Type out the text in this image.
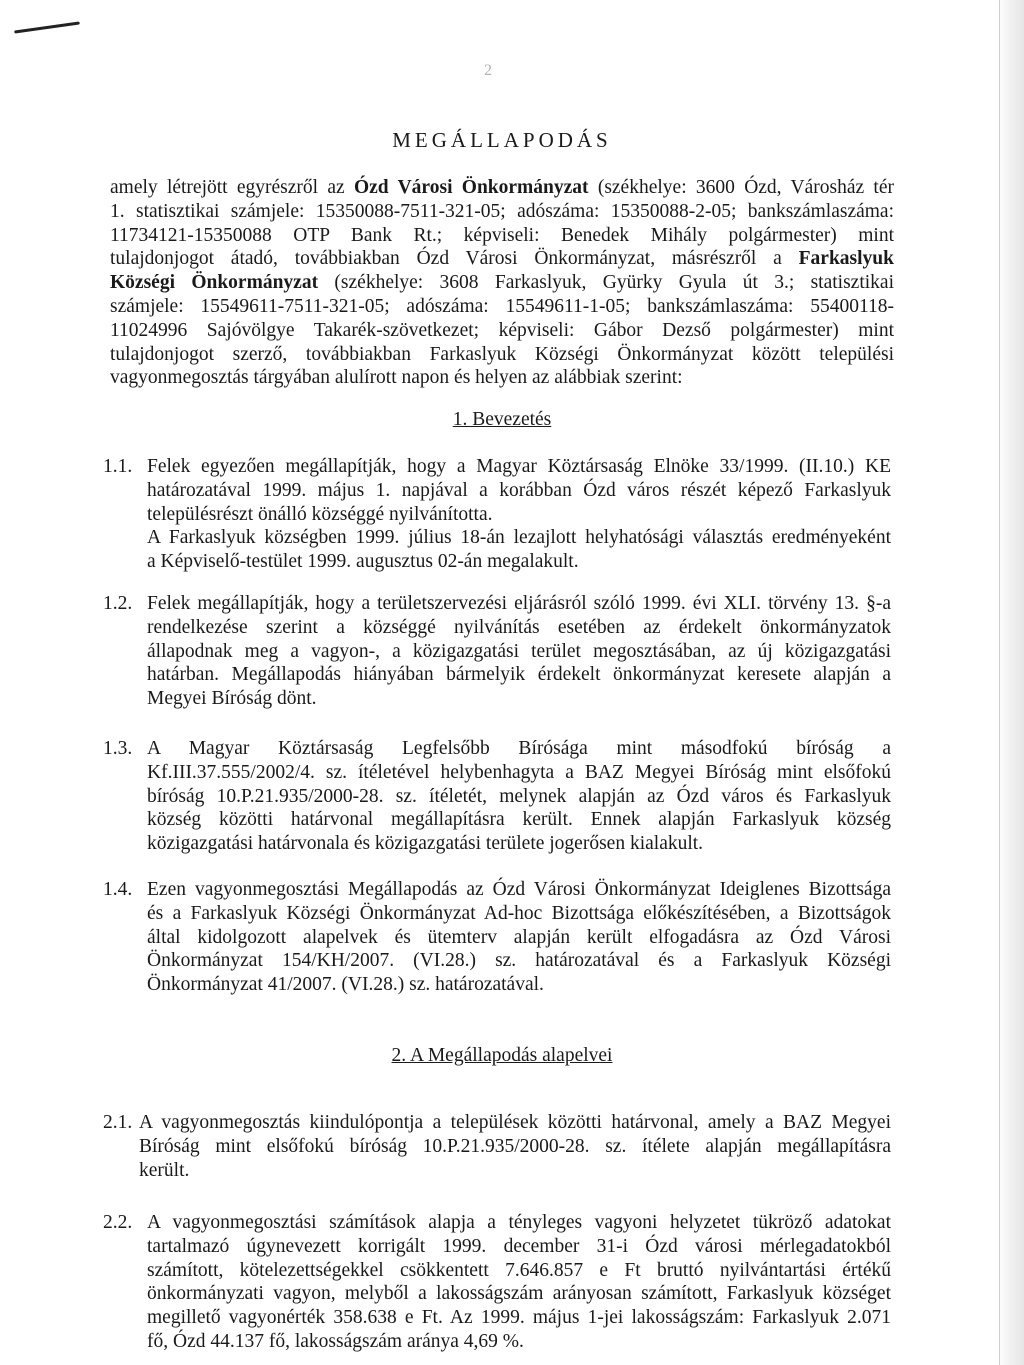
2
MEGÁLLAPODÁS
amely létrejött egyrészről az Ózd Városi Önkormányzat (székhelye: 3600 Ózd, Városház tér
1. statisztikai számjele: 15350088-7511-321-05; adószáma: 15350088-2-05; bankszámlaszáma:
11734121-15350088 OTP Bank Rt.; képviseli: Benedek Mihály polgármester) mint
tulajdonjogot átadó, továbbiakban Ózd Városi Önkormányzat, másrészről a Farkaslyuk
Községi Önkormányzat (székhelye: 3608 Farkaslyuk, Gyürky Gyula út 3.; statisztikai
számjele: 15549611-7511-321-05; adószáma: 15549611-1-05; bankszámlaszáma: 55400118-
11024996 Sajóvölgye Takarék-szövetkezet; képviseli: Gábor Dezső polgármester) mint
tulajdonjogot szerző, továbbiakban Farkaslyuk Községi Önkormányzat között települési
vagyonmegosztás tárgyában alulírott napon és helyen az alábbiak szerint:
1. Bevezetés
1.1. Felek egyezően megállapítják, hogy a Magyar Köztársaság Elnöke 33/1999. (II.10.) KE
határozatával 1999. május 1. napjával a korábban Ózd város részét képező Farkaslyuk
településrészt önálló községgé nyilvánította.
A Farkaslyuk községben 1999. július 18-án lezajlott helyhatósági választás eredményeként
a Képviselő-testület 1999. augusztus 02-án megalakult.
1.2. Felek megállapítják, hogy a területszervezési eljárásról szóló 1999. évi XLI. törvény 13. §-a
rendelkezése szerint a községgé nyilvánítás esetében az érdekelt önkormányzatok
állapodnak meg a vagyon-, a közigazgatási terület megosztásában, az új közigazgatási
határban. Megállapodás hiányában bármelyik érdekelt önkormányzat keresete alapján a
Megyei Bíróság dönt.
1.3. A Magyar Köztársaság Legfelsőbb Bírósága mint másodfokú bíróság a
Kf.III.37.555/2002/4. sz. ítéletével helybenhagyta a BAZ Megyei Bíróság mint elsőfokú
bíróság 10.P.21.935/2000-28. sz. ítéletét, melynek alapján az Ózd város és Farkaslyuk
község közötti határvonal megállapításra került. Ennek alapján Farkaslyuk község
közigazgatási határvonala és közigazgatási területe jogerősen kialakult.
1.4. Ezen vagyonmegosztási Megállapodás az Ózd Városi Önkormányzat Ideiglenes Bizottsága
és a Farkaslyuk Községi Önkormányzat Ad-hoc Bizottsága előkészítésében, a Bizottságok
által kidolgozott alapelvek és ütemterv alapján került elfogadásra az Ózd Városi
Önkormányzat 154/KH/2007. (VI.28.) sz. határozatával és a Farkaslyuk Községi
Önkormányzat 41/2007. (VI.28.) sz. határozatával.
2. A Megállapodás alapelvei
2.1. A vagyonmegosztás kiindulópontja a települések közötti határvonal, amely a BAZ Megyei
Bíróság mint elsőfokú bíróság 10.P.21.935/2000-28. sz. ítélete alapján megállapításra
került.
2.2. A vagyonmegosztási számítások alapja a tényleges vagyoni helyzetet tükröző adatokat
tartalmazó úgynevezett korrigált 1999. december 31-i Ózd városi mérlegadatokból
számított, kötelezettségekkel csökkentett 7.646.857 e Ft bruttó nyilvántartási értékű
önkormányzati vagyon, melyből a lakosságszám arányosan számított, Farkaslyuk községet
megillető vagyonérték 358.638 e Ft. Az 1999. május 1-jei lakosságszám: Farkaslyuk 2.071
fő, Ózd 44.137 fő, lakosságszám aránya 4,69 %.
